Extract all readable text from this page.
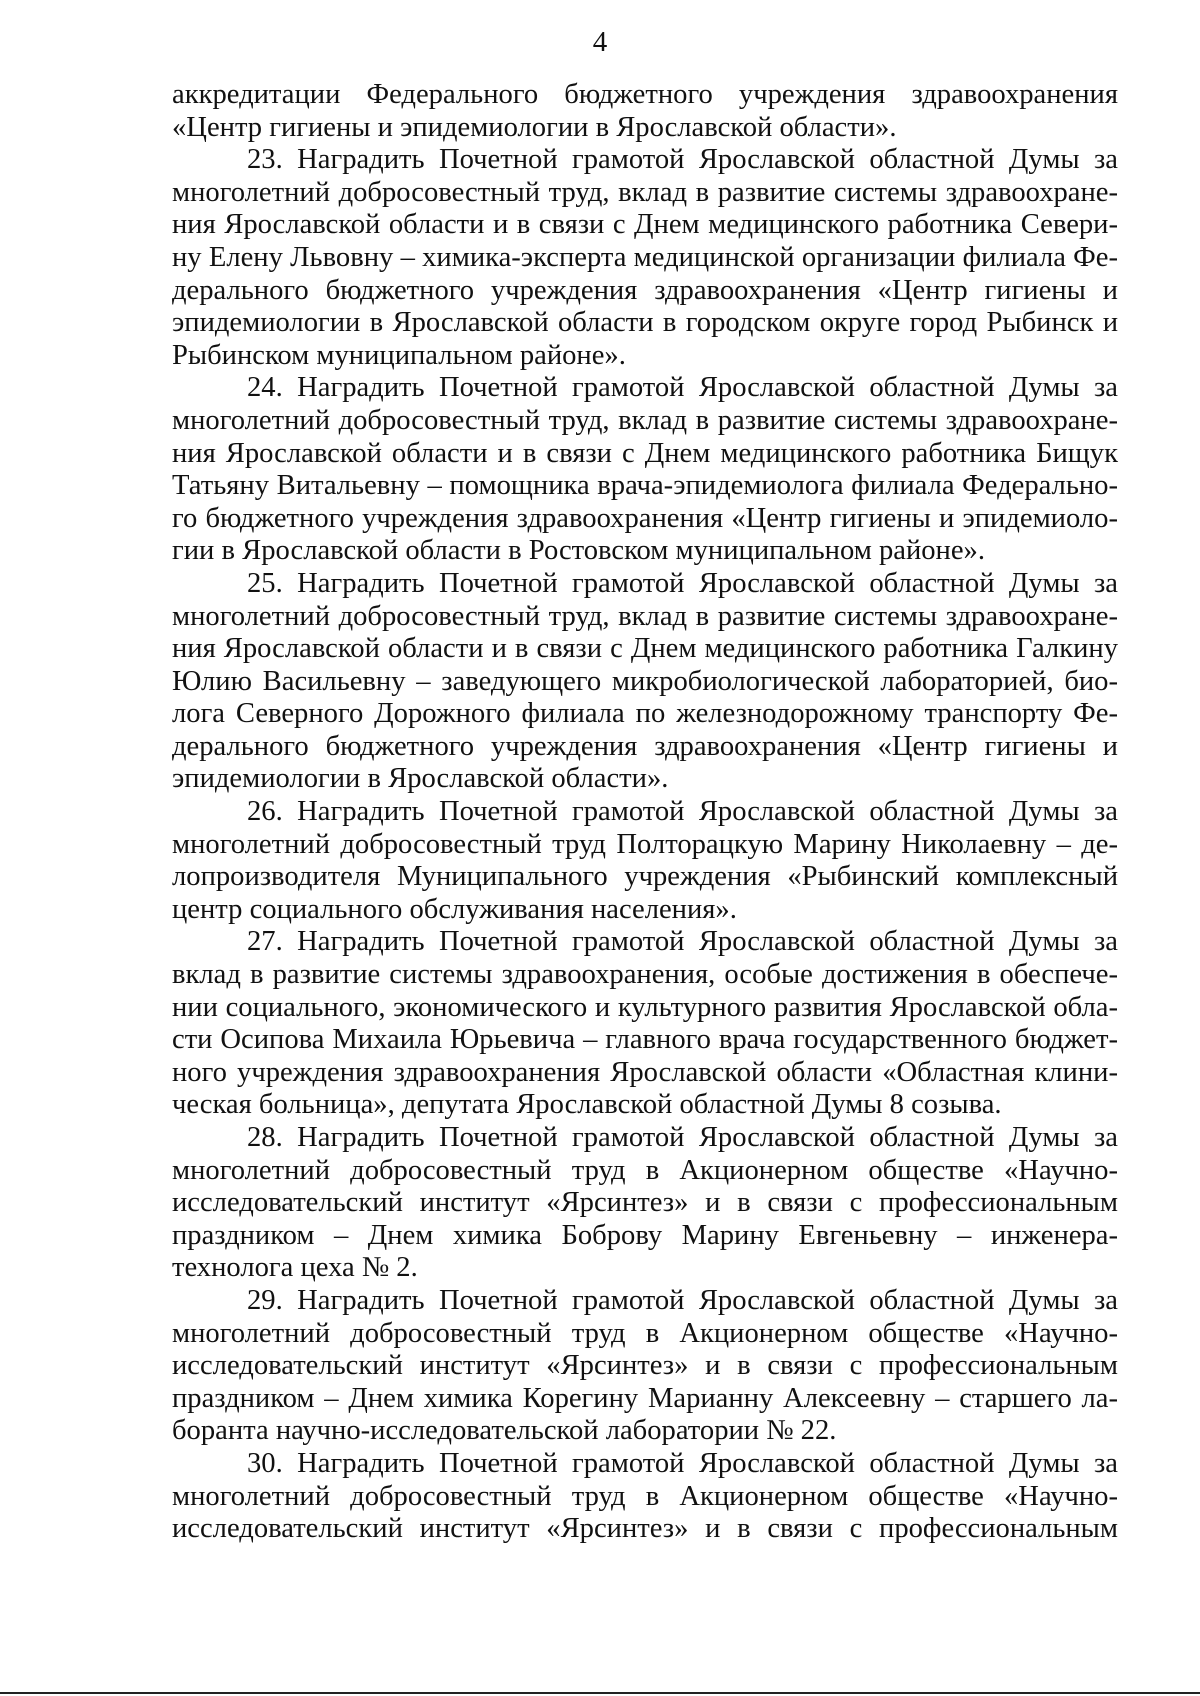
4
аккредитации Федерального бюджетного учреждения здравоохранения
«Центр гигиены и эпидемиологии в Ярославской области».
23. Наградить Почетной грамотой Ярославской областной Думы за
многолетний добросовестный труд, вклад в развитие системы здравоохране-
ния Ярославской области и в связи с Днем медицинского работника Севери-
ну Елену Львовну – химика-эксперта медицинской организации филиала Фе-
дерального бюджетного учреждения здравоохранения «Центр гигиены и
эпидемиологии в Ярославской области в городском округе город Рыбинск и
Рыбинском муниципальном районе».
24. Наградить Почетной грамотой Ярославской областной Думы за
многолетний добросовестный труд, вклад в развитие системы здравоохране-
ния Ярославской области и в связи с Днем медицинского работника Бищук
Татьяну Витальевну – помощника врача-эпидемиолога филиала Федерально-
го бюджетного учреждения здравоохранения «Центр гигиены и эпидемиоло-
гии в Ярославской области в Ростовском муниципальном районе».
25. Наградить Почетной грамотой Ярославской областной Думы за
многолетний добросовестный труд, вклад в развитие системы здравоохране-
ния Ярославской области и в связи с Днем медицинского работника Галкину
Юлию Васильевну – заведующего микробиологической лабораторией, био-
лога Северного Дорожного филиала по железнодорожному транспорту Фе-
дерального бюджетного учреждения здравоохранения «Центр гигиены и
эпидемиологии в Ярославской области».
26. Наградить Почетной грамотой Ярославской областной Думы за
многолетний добросовестный труд Полторацкую Марину Николаевну – де-
лопроизводителя Муниципального учреждения «Рыбинский комплексный
центр социального обслуживания населения».
27. Наградить Почетной грамотой Ярославской областной Думы за
вклад в развитие системы здравоохранения, особые достижения в обеспече-
нии социального, экономического и культурного развития Ярославской обла-
сти Осипова Михаила Юрьевича – главного врача государственного бюджет-
ного учреждения здравоохранения Ярославской области «Областная клини-
ческая больница», депутата Ярославской областной Думы 8 созыва.
28. Наградить Почетной грамотой Ярославской областной Думы за
многолетний добросовестный труд в Акционерном обществе «Научно-
исследовательский институт «Ярсинтез» и в связи с профессиональным
праздником – Днем химика Боброву Марину Евгеньевну – инженера-
технолога цеха № 2.
29. Наградить Почетной грамотой Ярославской областной Думы за
многолетний добросовестный труд в Акционерном обществе «Научно-
исследовательский институт «Ярсинтез» и в связи с профессиональным
праздником – Днем химика Корегину Марианну Алексеевну – старшего ла-
боранта научно-исследовательской лаборатории № 22.
30. Наградить Почетной грамотой Ярославской областной Думы за
многолетний добросовестный труд в Акционерном обществе «Научно-
исследовательский институт «Ярсинтез» и в связи с профессиональным
